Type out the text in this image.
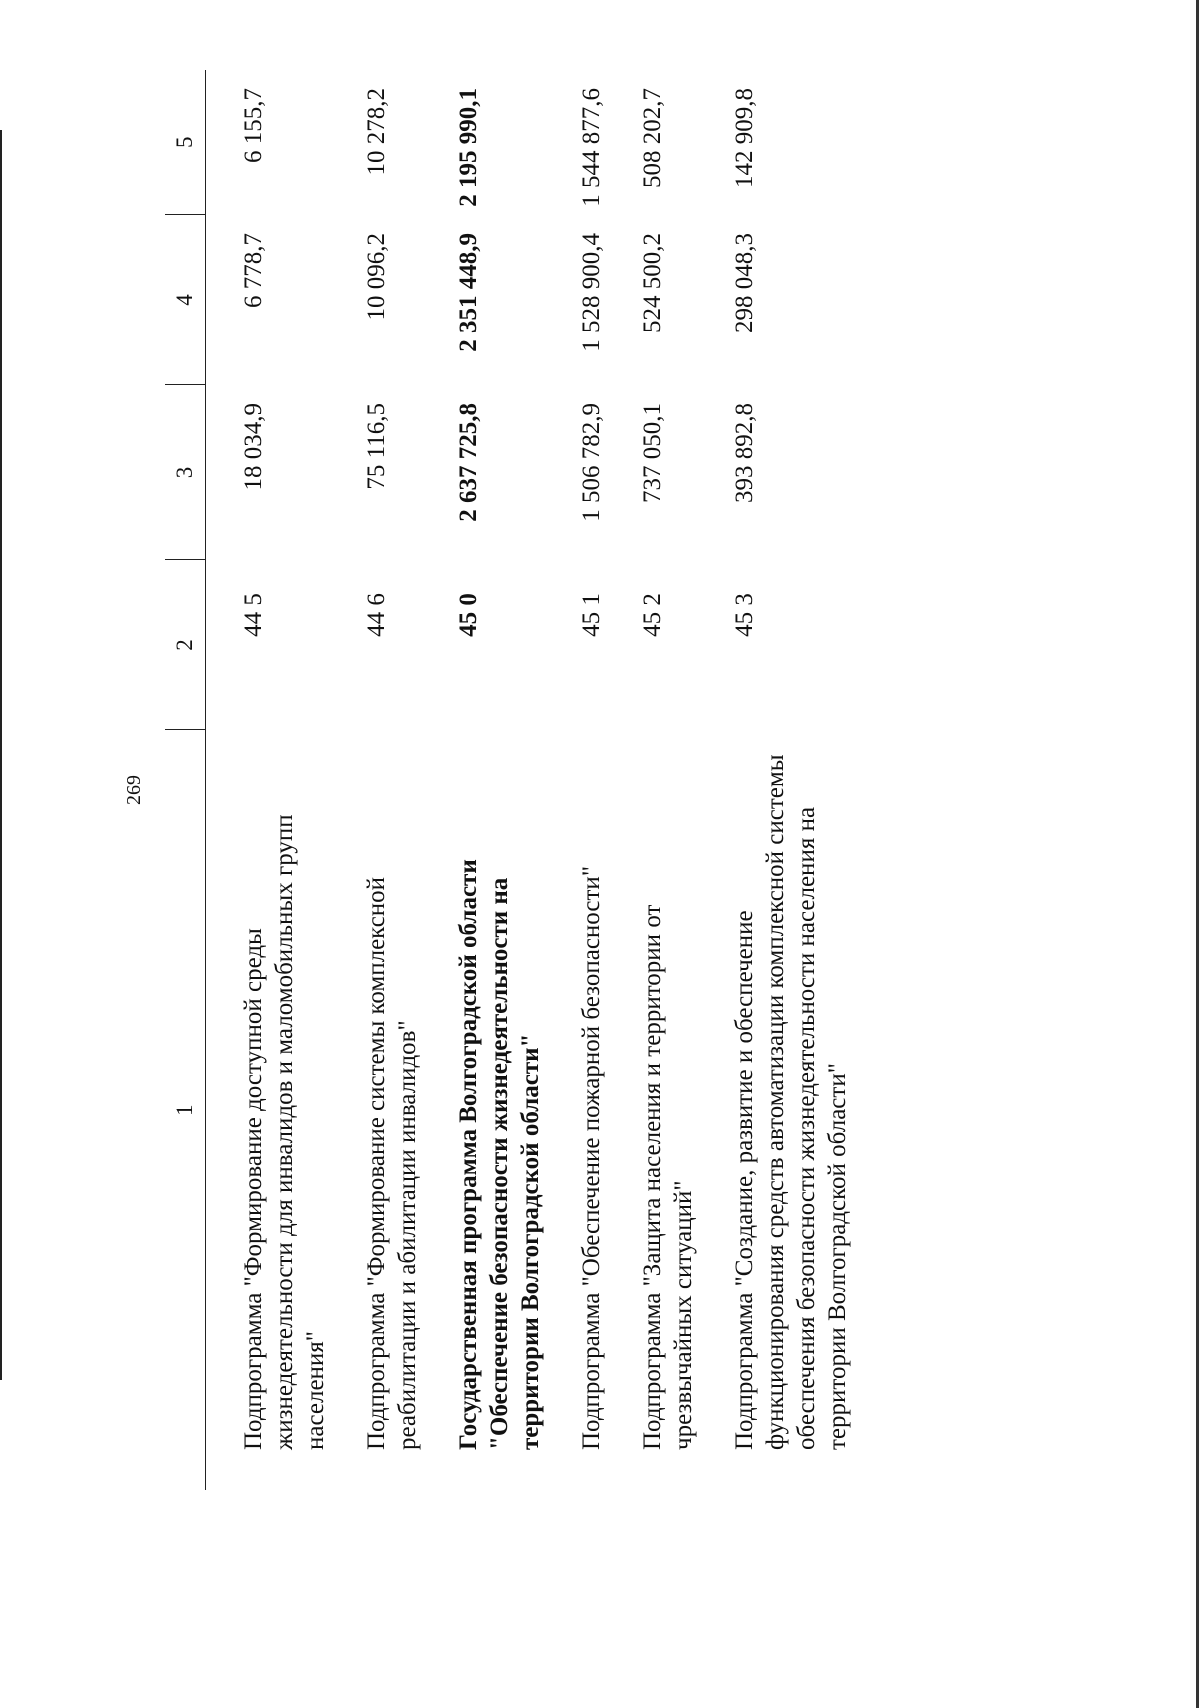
269
1	2	3	4	5
Подпрограмма "Формирование доступной среды жизнедеятельности для инвалидов и маломобильных групп населения"	44 5	18 034,9	6 778,7	6 155,7
Подпрограмма "Формирование системы комплексной реабилитации и абилитации инвалидов"	44 6	75 116,5	10 096,2	10 278,2
Государственная программа Волгоградской области "Обеспечение безопасности жизнедеятельности на территории Волгоградской области"	45 0	2 637 725,8	2 351 448,9	2 195 990,1
Подпрограмма "Обеспечение пожарной безопасности"	45 1	1 506 782,9	1 528 900,4	1 544 877,6
Подпрограмма "Защита населения и территории от чрезвычайных ситуаций"	45 2	737 050,1	524 500,2	508 202,7
Подпрограмма "Создание, развитие и обеспечение функционирования средств автоматизации комплексной системы обеспечения безопасности жизнедеятельности населения на территории Волгоградской области"	45 3	393 892,8	298 048,3	142 909,8
